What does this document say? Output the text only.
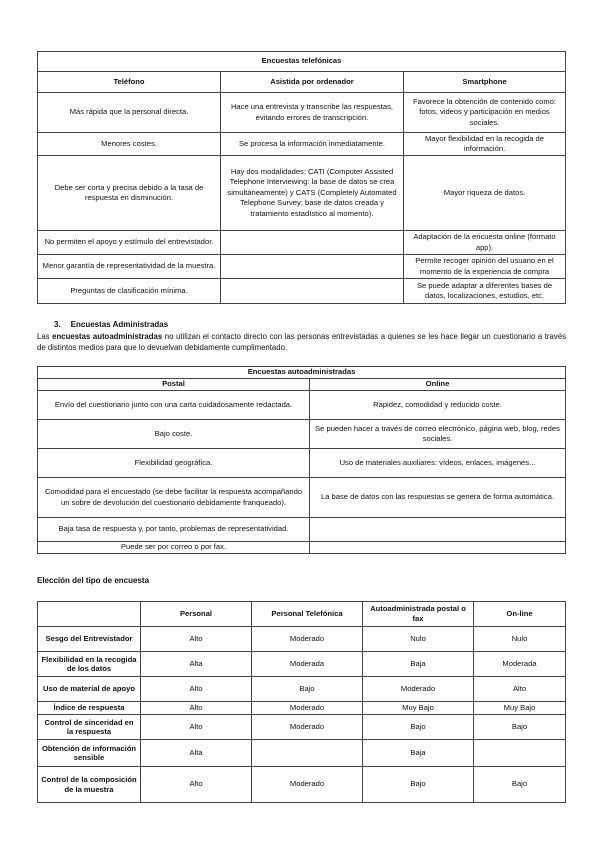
Encuestas telefónicas		
Teléfono	Asistida por ordenador	Smartphone
Más rápida que la personal directa.	Hace una entrevista y transcribe las respuestas, evitando errores de transcripción.	Favorece la obtención de contenido como: fotos, videos y participación en medios sociales.
Menores costes.	Se procesa la información inmediatamente.	Mayor flexibilidad en la recogida de información.
Debe ser corta y precisa debido a la tasa de respuesta en disminución.	Hay dos modalidades: CATI (Computer Assisted Telephone Interviewing: la base de datos se crea simultáneamente) y CATS (Completely Automated Telephone Survey: base de datos creada y tratamiento estadístico al momento).	Mayor riqueza de datos.
No permiten el apoyo y estímulo del entrevistador.		Adaptación de la encuesta online (formato app).
Menor garantía de representatividad de la muestra.		Permite recoger opinión del usuario en el momento de la experiencia de compra
Preguntas de clasificación mínima.		Se puede adaptar a diferentes bases de datos, localizaciones, estudios, etc.
3. Encuestas Administradas
Las encuestas autoadministradas no utilizan el contacto directo con las personas entrevistadas a quienes se les hace llegar un cuestionario a través de distintos medios para que lo devuelvan debidamente cumplimentado.
Encuestas autoadministradas	
Postal	Online
Envío del cuestionario junto con una carta cuidadosamente redactada.	Rapidez, comodidad y reducido coste.
Bajo coste.	Se pueden hacer a través de correo electrónico, página web, blog, redes sociales.
Flexibilidad geográfica.	Uso de materiales auxiliares: vídeos, enlaces, imágenes...
Comodidad para el encuestado (se debe facilitar la respuesta acompañando un sobre de devolución del cuestionario debidamente franqueado).	La base de datos con las respuestas se genera de forma automática.
Baja tasa de respuesta y, por tanto, problemas de representatividad.	
Puede ser por correo o por fax.	
Elección del tipo de encuesta
	Personal	Personal Telefónica	Autoadministrada postal o fax	On-line
Sesgo del Entrevistador	Alto	Moderado	Nulo	Nulo
Flexibilidad en la recogida de los datos	Alta	Moderada	Baja	Moderada
Uso de material de apoyo	Alto	Bajo	Moderado	Alto
Índice de respuesta	Alto	Moderado	Muy Bajo	Muy Bajo
Control de sinceridad en la respuesta	Alto	Moderado	Bajo	Bajo
Obtención de información sensible	Alta		Baja	
Control de la composición de la muestra	Alto	Moderado	Bajo	Bajo
